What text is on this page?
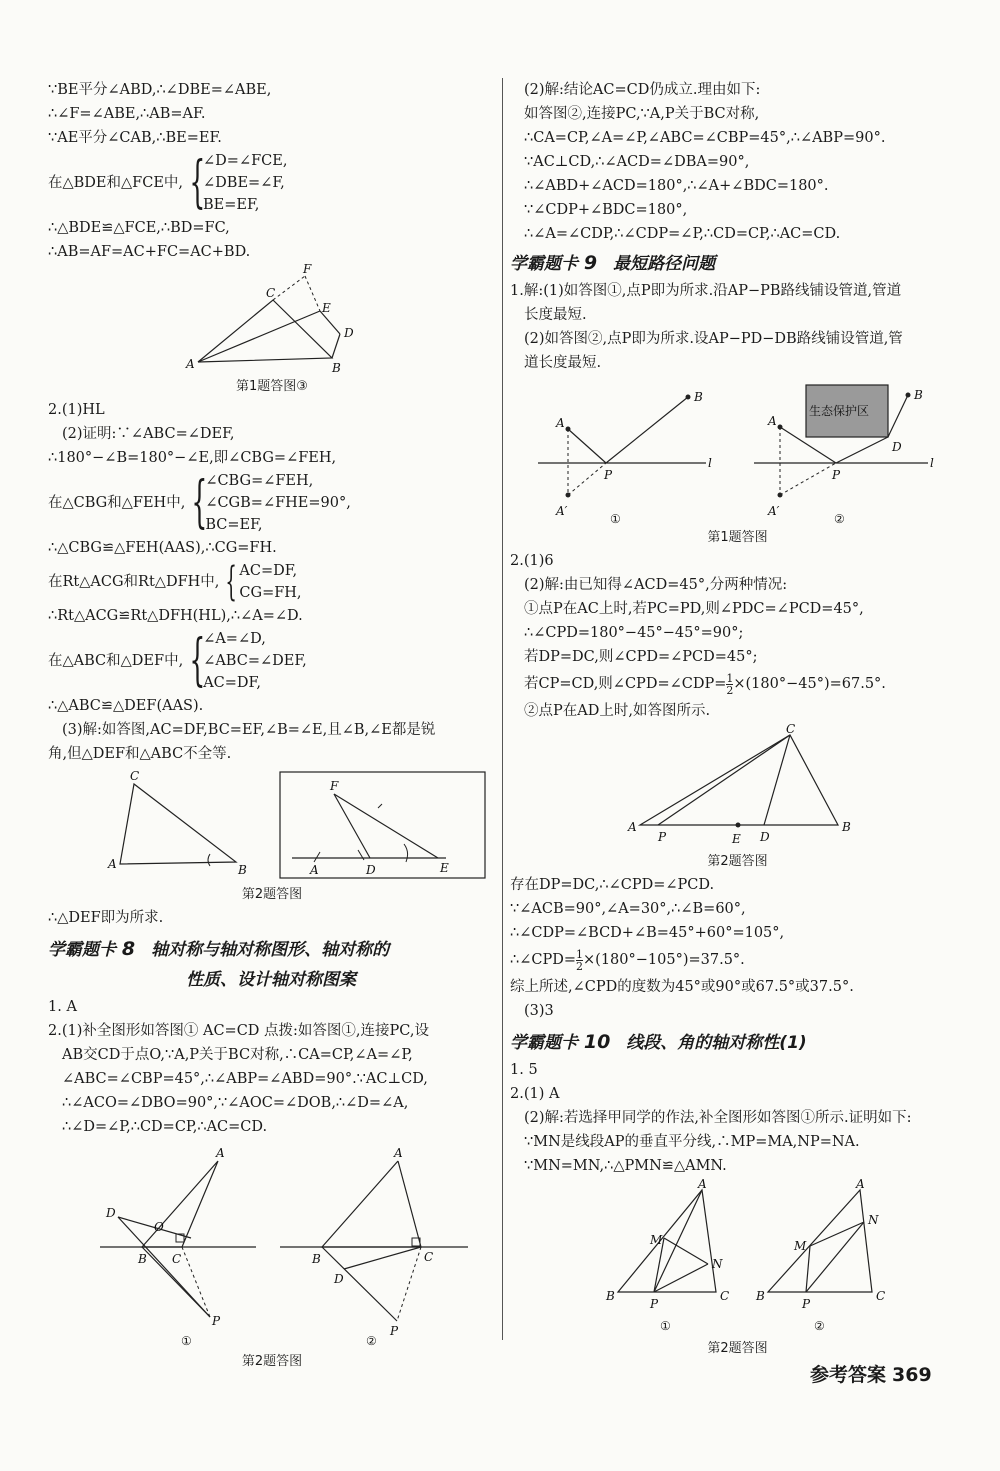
∵BE平分∠ABD,∴∠DBE=∠ABE,
∴∠F=∠ABE,∴AB=AF.
∵AE平分∠CAB,∴BE=EF.
在△BDE和△FCE中, {
∠D=∠FCE,
∠DBE=∠F,
BE=EF,
∴△BDE≌△FCE,∴BD=FC,
∴AB=AF=AC+FC=AC+BD.
A
C
F
E
D
B
第1题答图③
2.(1)HL
(2)证明:∵∠ABC=∠DEF,
∴180°−∠B=180°−∠E,即∠CBG=∠FEH,
在△CBG和△FEH中, {
∠CBG=∠FEH,
∠CGB=∠FHE=90°,
BC=EF,
∴△CBG≌△FEH(AAS),∴CG=FH.
在Rt△ACG和Rt△DFH中, { AC=DF,
CG=FH,
∴Rt△ACG≌Rt△DFH(HL),∴∠A=∠D.
在△ABC和△DEF中, {
∠A=∠D,
∠ABC=∠DEF,
AC=DF,
∴△ABC≌△DEF(AAS).
(3)解:如答图,AC=DF,BC=EF,∠B=∠E,且∠B,∠E都是锐
角,但△DEF和△ABC不全等.
C
A	B
F
A	D	E
第2题答图
∴△DEF即为所求.
学霸题卡 8 轴对称与轴对称图形、轴对称的
性质、设计轴对称图案
1. A
2.(1)补全图形如答图① AC=CD 点拨:如答图①,连接PC,设
AB交CD于点O,∵A,P关于BC对称,∴CA=CP,∠A=∠P,
∠ABC=∠CBP=45°,∴∠ABP=∠ABD=90°.∵AC⊥CD,
∴∠ACO=∠DBO=90°,∵∠AOC=∠DOB,∴∠D=∠A,
∴∠D=∠P,∴CD=CP,∴AC=CD.
A
D
O
B C
P
①
A
B	C
D
P
②
第2题答图
(2)解:结论AC=CD仍成立.理由如下:
如答图②,连接PC,∵A,P关于BC对称,
∴CA=CP,∠A=∠P,∠ABC=∠CBP=45°,∴∠ABP=90°.
∵AC⊥CD,∴∠ACD=∠DBA=90°,
∴∠ABD+∠ACD=180°,∴∠A+∠BDC=180°.
∵∠CDP+∠BDC=180°,
∴∠A=∠CDP,∴∠CDP=∠P,∴CD=CP,∴AC=CD.
学霸题卡 9 最短路径问题
1.解:(1)如答图①,点P即为所求.沿AP−PB路线铺设管道,管道
长度最短.
(2)如答图②,点P即为所求.设AP−PD−DB路线铺设管道,管
道长度最短.
A
B
P
l
A′
①
生态保护区
A
B
D
P
l
A′
②
第1题答图
2.(1)6
(2)解:由已知得∠ACD=45°,分两种情况:
①点P在AC上时,若PC=PD,则∠PDC=∠PCD=45°,
∴∠CPD=180°−45°−45°=90°;
若DP=DC,则∠CPD=∠PCD=45°;
若CP=CD,则∠CPD=∠CDP= $\frac{1}{2} \times(180^\circ-45^\circ)=67.5^\circ$.
②点P在AD上时,如答图所示.
A
P	E D
B
C
第2题答图
存在DP=DC,∴∠CPD=∠PCD.
∵∠ACB=90°,∠A=30°,∴∠B=60°,
∴∠CDP=∠BCD+∠B=45°+60°=105°,
∴∠CPD= $\frac{1}{2} \times(180^\circ-105^\circ)=37.5^\circ$.
综上所述,∠CPD的度数为45°或90°或67.5°或37.5°.
(3)3
学霸题卡 10 线段、角的轴对称性(1)
1. 5
2.(1) A
(2)解:若选择甲同学的作法,补全图形如答图①所示.证明如下:
∵MN是线段AP的垂直平分线,∴MP=MA,NP=NA.
∵MN=MN,∴△PMN≌△AMN.
A
M
N
B	C
P
①
A
M
N
B	C
P
②
第2题答图
参考答案 369
